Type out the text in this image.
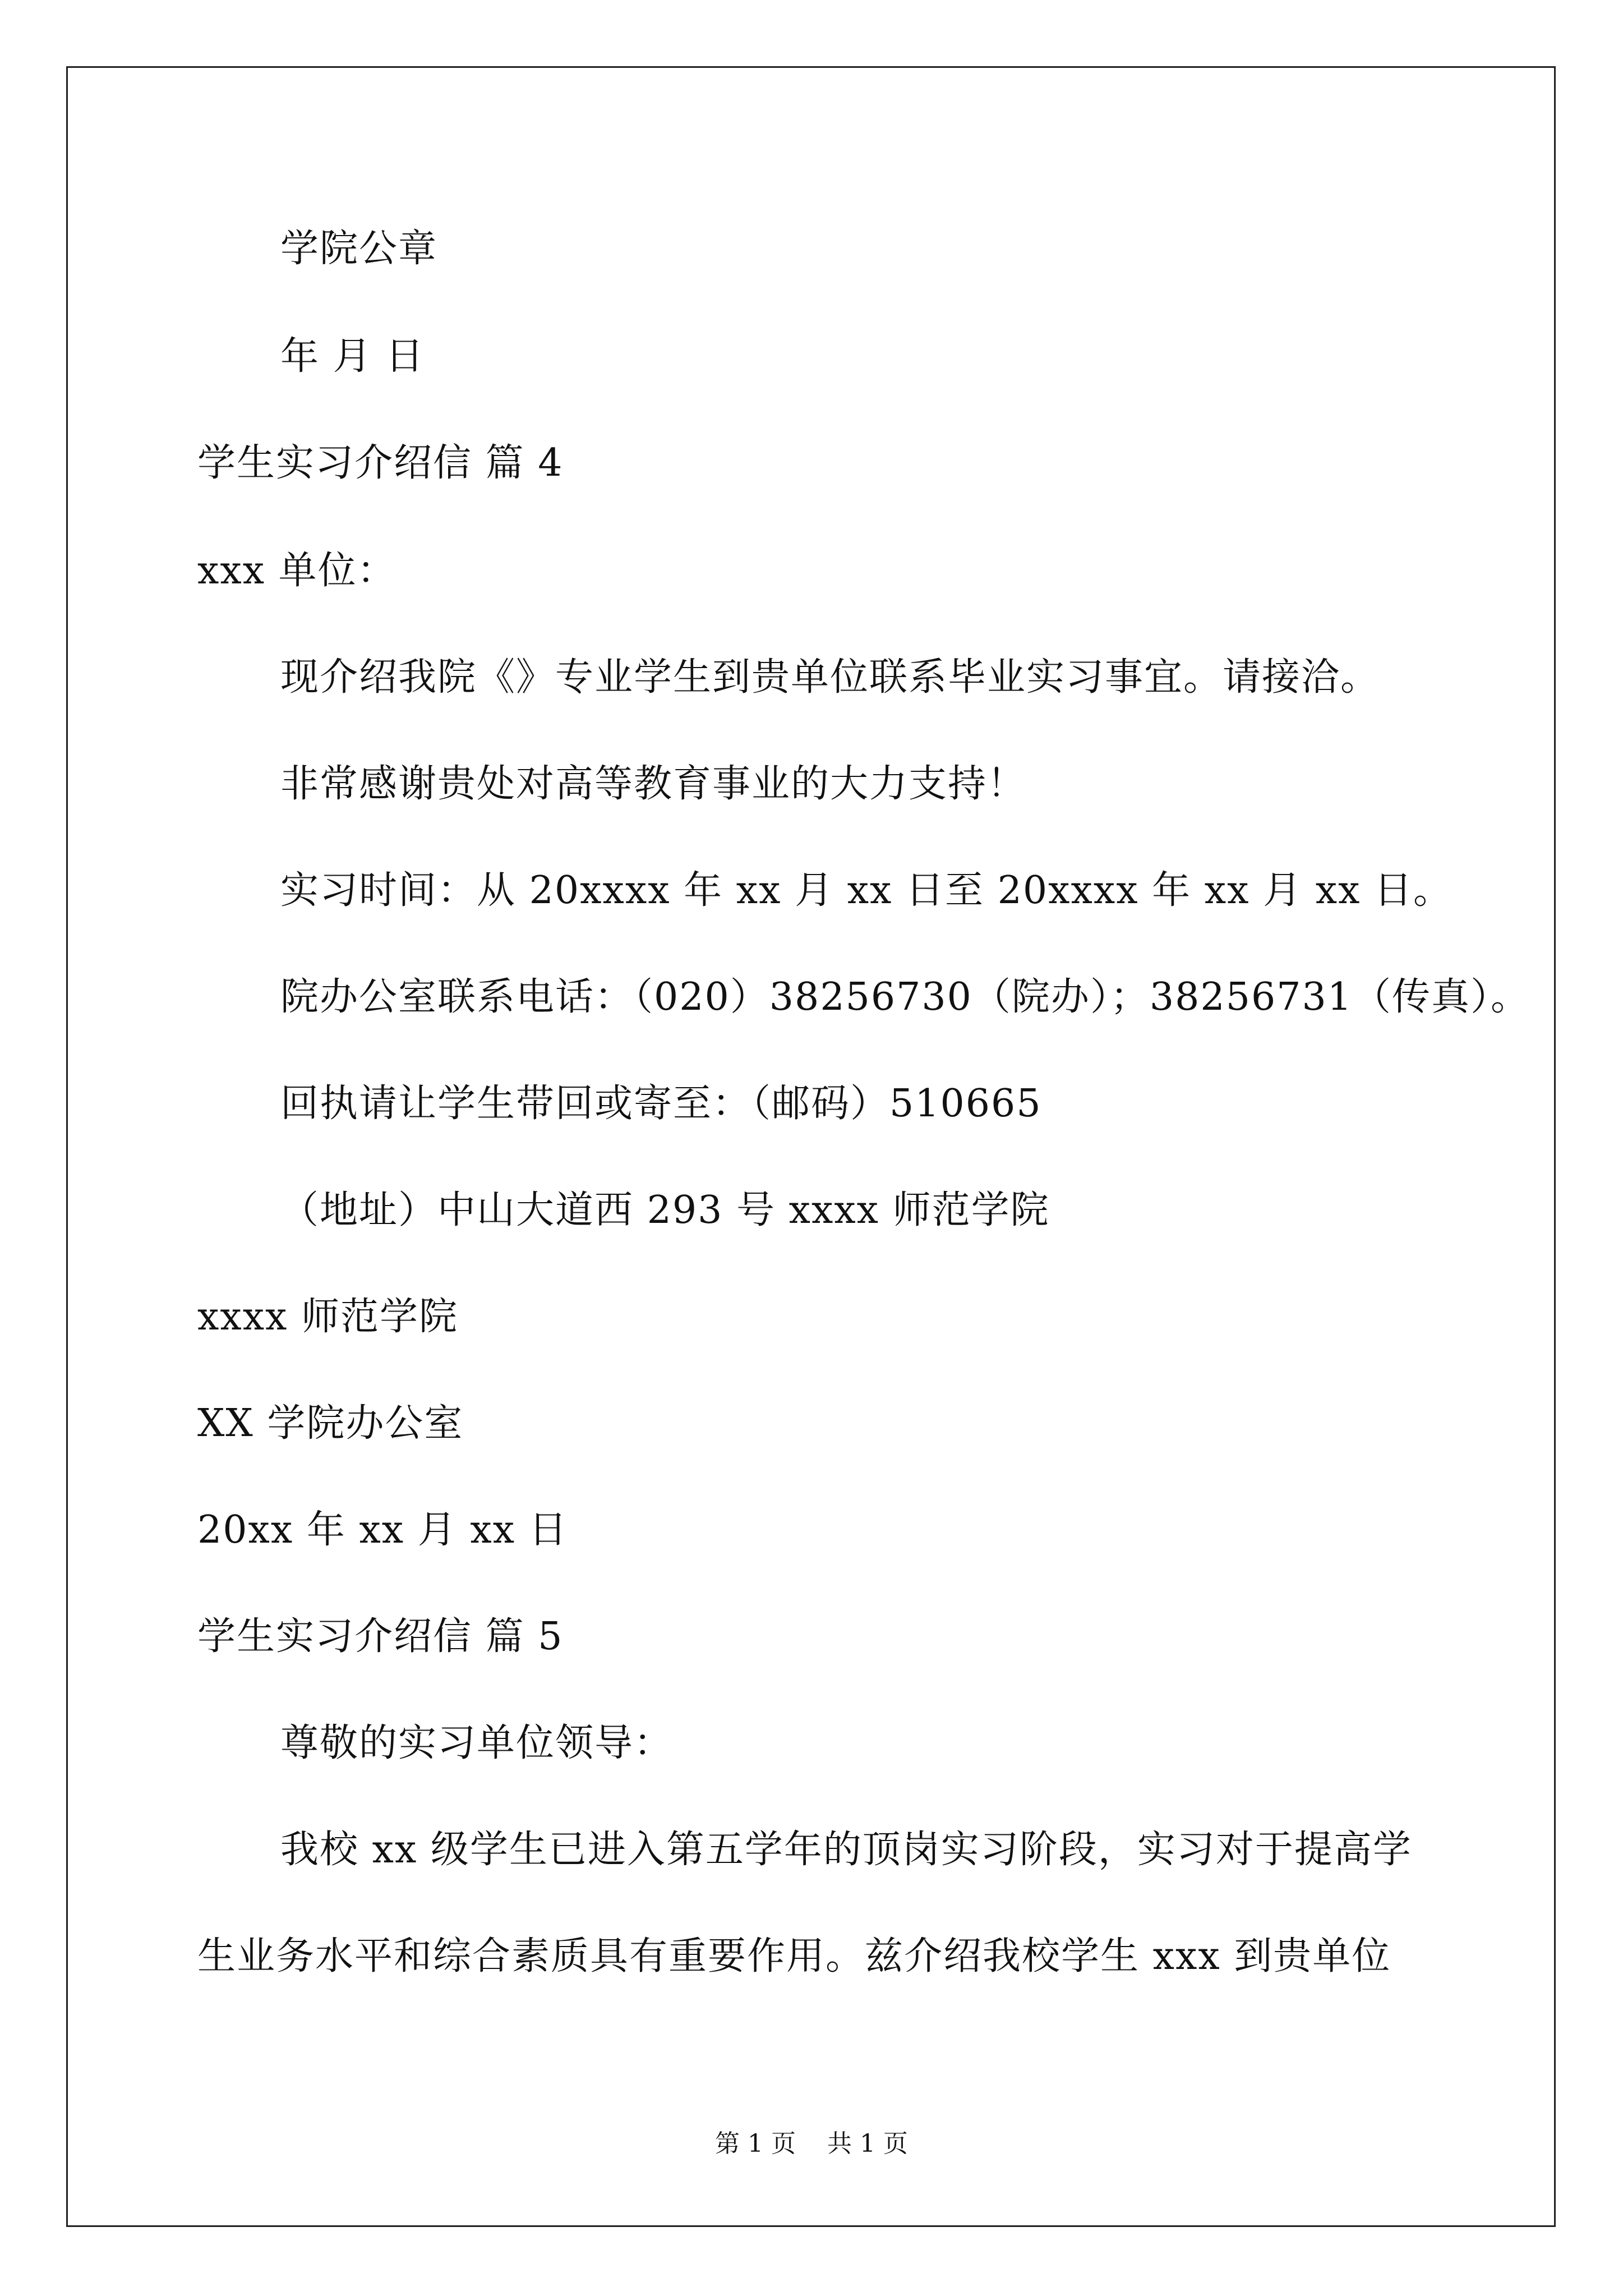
学院公章
年 月 日
学生实习介绍信 篇 4
xxx 单位：
现介绍我院《》专业学生到贵单位联系毕业实习事宜。请接洽。
非常感谢贵处对高等教育事业的大力支持！
实习时间：从 20xxxx 年 xx 月 xx 日至 20xxxx 年 xx 月 xx 日。
院办公室联系电话：（020）38256730（院办）；38256731（传真）。
回执请让学生带回或寄至：（邮码）510665
（地址）中山大道西 293 号 xxxx 师范学院
xxxx 师范学院
XX 学院办公室
20xx 年 xx 月 xx 日
学生实习介绍信 篇 5
尊敬的实习单位领导：
我校 xx 级学生已进入第五学年的顶岗实习阶段，实习对于提高学
生业务水平和综合素质具有重要作用。兹介绍我校学生 xxx 到贵单位
第 1 页    共 1 页
